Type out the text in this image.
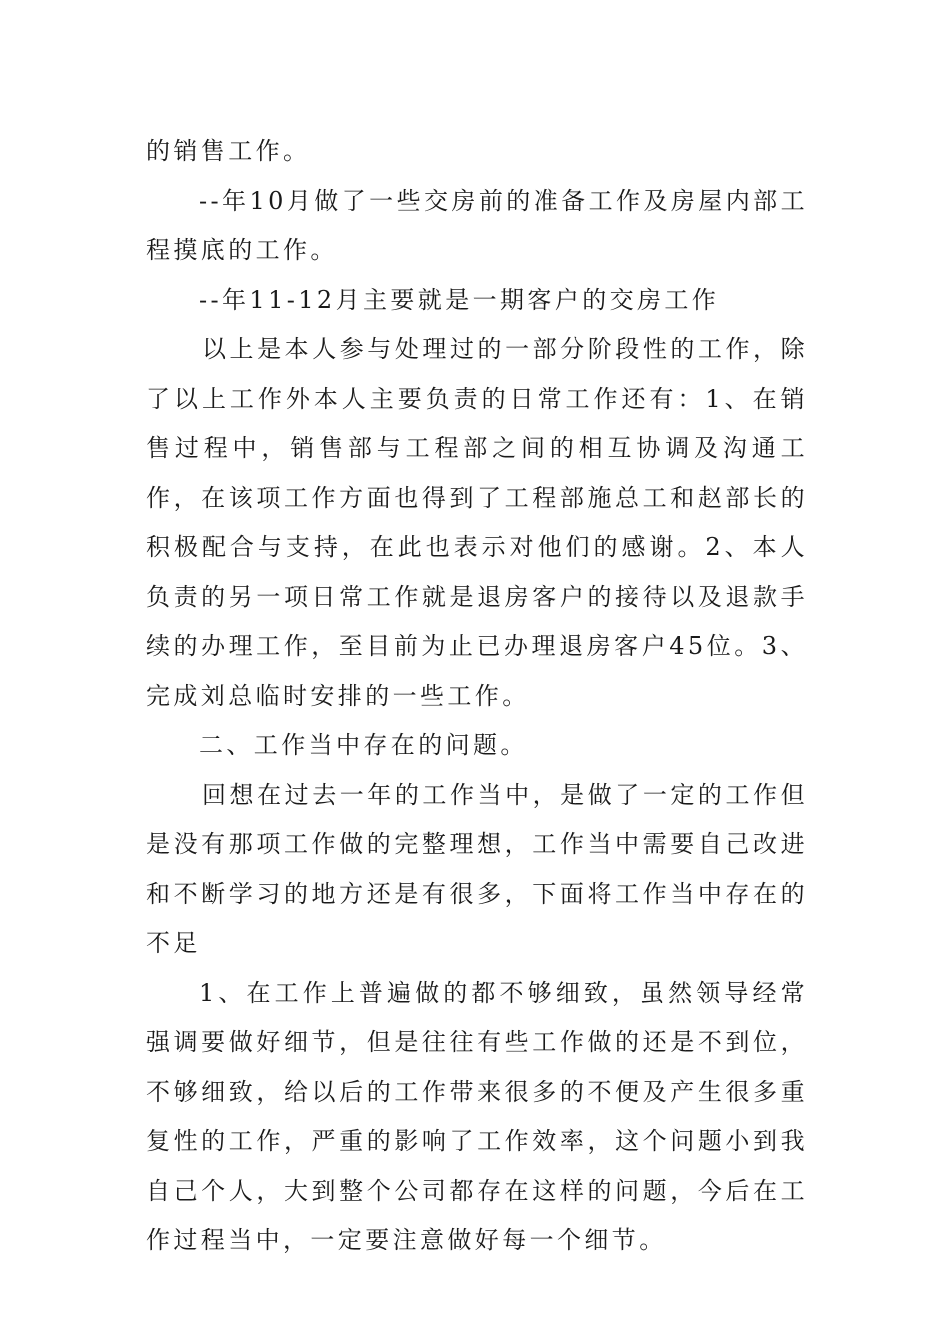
的销售工作。

--年10月做了一些交房前的准备工作及房屋内部工程摸底的工作。

--年11-12月主要就是一期客户的交房工作

以上是本人参与处理过的一部分阶段性的工作，除了以上工作外本人主要负责的日常工作还有：1、在销售过程中，销售部与工程部之间的相互协调及沟通工作，在该项工作方面也得到了工程部施总工和赵部长的积极配合与支持，在此也表示对他们的感谢。2、本人负责的另一项日常工作就是退房客户的接待以及退款手续的办理工作，至目前为止已办理退房客户45位。3、完成刘总临时安排的一些工作。

二、工作当中存在的问题。

回想在过去一年的工作当中，是做了一定的工作但是没有那项工作做的完整理想，工作当中需要自己改进和不断学习的地方还是有很多，下面将工作当中存在的不足

1、在工作上普遍做的都不够细致，虽然领导经常强调要做好细节，但是往往有些工作做的还是不到位，不够细致，给以后的工作带来很多的不便及产生很多重复性的工作，严重的影响了工作效率，这个问题小到我自己个人，大到整个公司都存在这样的问题，今后在工作过程当中，一定要注意做好每一个细节。
